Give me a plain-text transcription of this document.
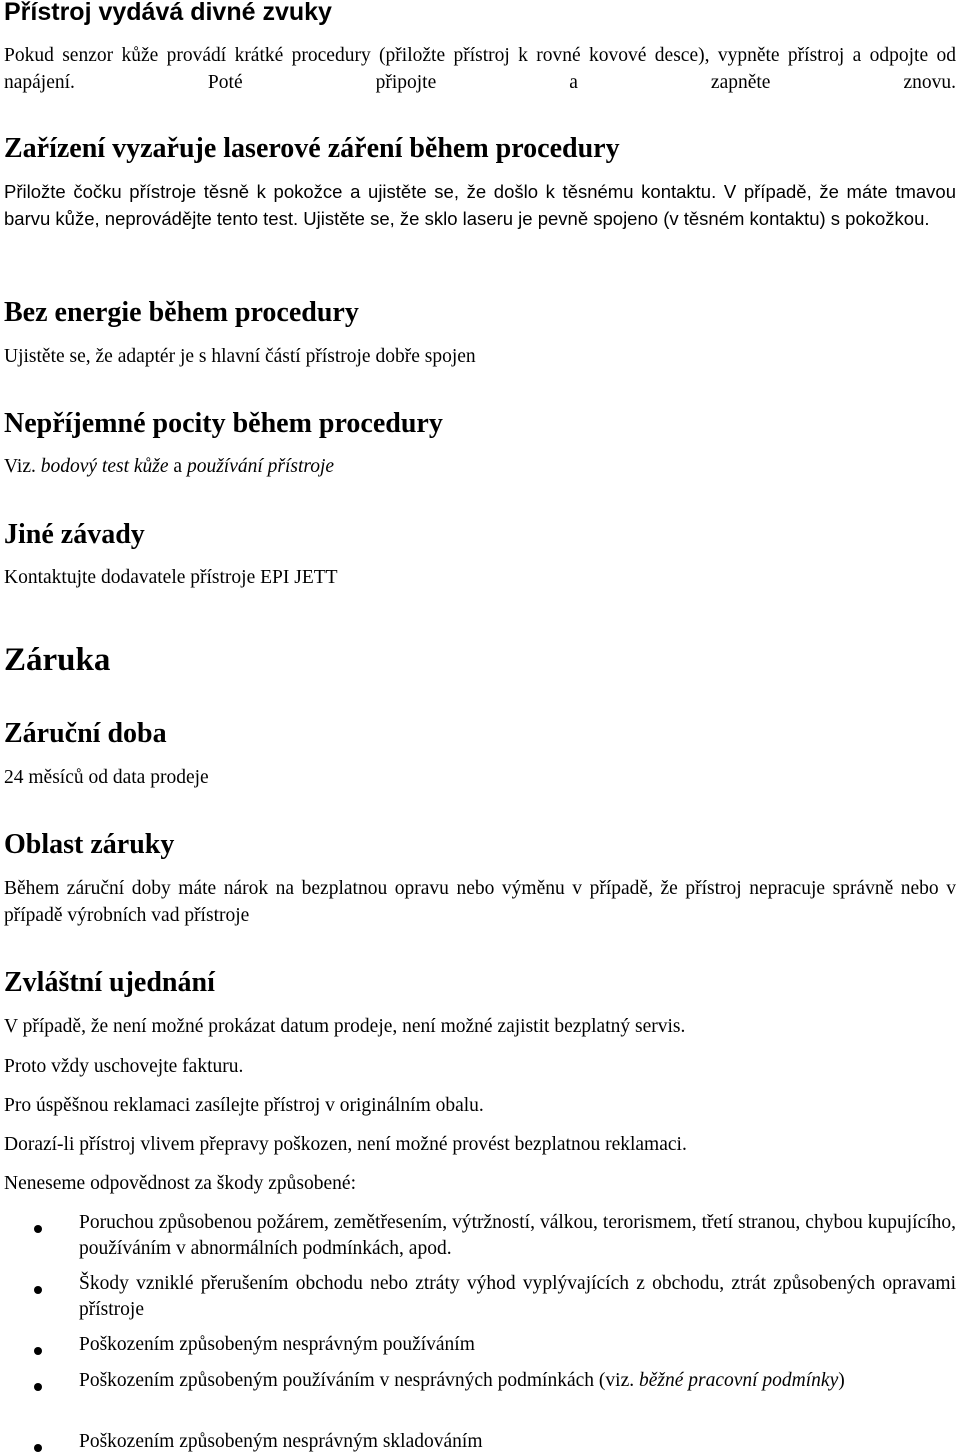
Přístroj vydává divné zvuky

Pokud senzor kůže provádí krátké procedury (přiložte přístroj k rovné kovové desce), vypněte přístroj a odpojte od napájení. Poté připojte a zapněte znovu.

Zařízení vyzařuje laserové záření během procedury

Přiložte čočku přístroje těsně k pokožce a ujistěte se, že došlo k těsnému kontaktu. V případě, že máte tmavou barvu kůže, neprovádějte tento test. Ujistěte se, že sklo laseru je pevně spojeno (v těsném kontaktu) s pokožkou.

Bez energie během procedury

Ujistěte se, že adaptér je s hlavní částí přístroje dobře spojen

Nepříjemné pocity během procedury

Viz. bodový test kůže a používání přístroje

Jiné závady

Kontaktujte dodavatele přístroje EPI JETT

Záruka
Záruční doba

24 měsíců od data prodeje

Oblast záruky

Během záruční doby máte nárok na bezplatnou opravu nebo výměnu v případě, že přístroj nepracuje správně nebo v případě výrobních vad přístroje

Zvláštní ujednání

V případě, že není možné prokázat datum prodeje, není možné zajistit bezplatný servis.

Proto vždy uschovejte fakturu.

Pro úspěšnou reklamaci zasílejte přístroj v originálním obalu.

Dorazí-li přístroj vlivem přepravy poškozen, není možné provést bezplatnou reklamaci.

Neneseme odpovědnost za škody způsobené:

Poruchou způsobenou požárem, zemětřesením, výtržností, válkou, terorismem, třetí stranou, chybou kupujícího, používáním v abnormálních podmínkách, apod.
Škody vzniklé přerušením obchodu nebo ztráty výhod vyplývajících z obchodu, ztrát způsobených opravami přístroje
Poškozením způsobeným nesprávným používáním
Poškozením způsobeným používáním v nesprávných podmínkách (viz. běžné pracovní podmínky)
Poškozením způsobeným nesprávným skladováním
